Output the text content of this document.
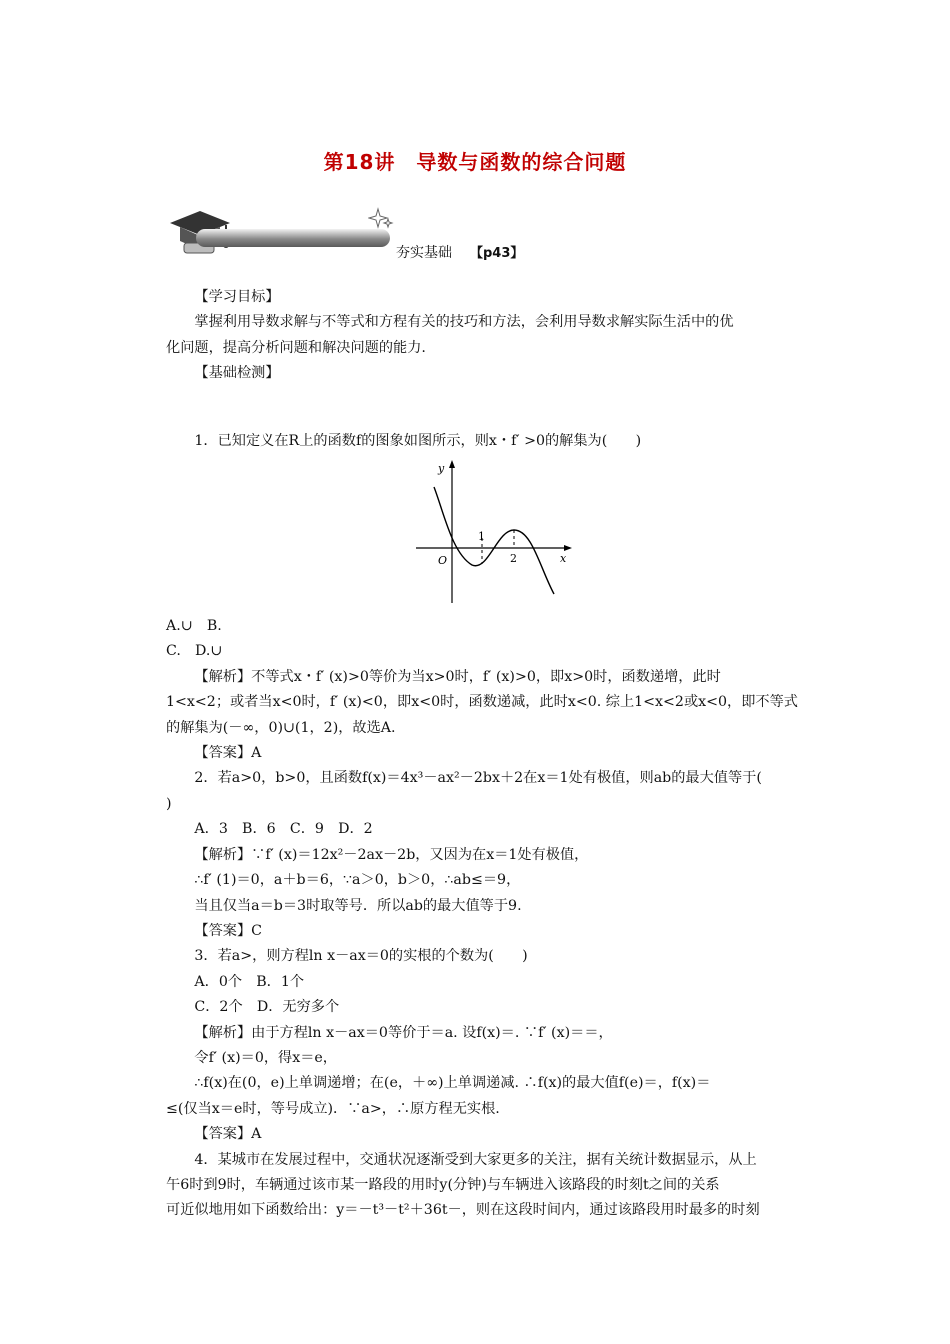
第18讲　导数与函数的综合问题
夯实基础 【p43】

【学习目标】

掌握利用导数求解与不等式和方程有关的技巧和方法，会利用导数求解实际生活中的优

化问题，提高分析问题和解决问题的能力.

【基础检测】

1．已知定义在R上的函数f的图象如图所示，则x・f′ >0的解集为(　　)

y
x
O
1
2

A.∪　B.

C.　D.∪

【解析】不等式x・f′ (x)>0等价为当x>0时，f′ (x)>0，即x>0时，函数递增，此时

1<x<2；或者当x<0时，f′ (x)<0，即x<0时，函数递减，此时x<0. 综上1<x<2或x<0，即不等式

的解集为(－∞，0)∪(1，2)，故选A.

【答案】A

2．若a>0，b>0，且函数f(x)＝4x³－ax²－2bx＋2在x＝1处有极值，则ab的最大值等于(

)

A．3　B．6　C．9　D．2

【解析】∵f′ (x)＝12x²－2ax－2b，又因为在x＝1处有极值，

∴f′ (1)＝0，a＋b＝6，∵a＞0，b＞0，∴ab≤＝9，

当且仅当a＝b＝3时取等号．所以ab的最大值等于9.

【答案】C

3．若a>，则方程ln x－ax＝0的实根的个数为(　　)

A．0个　B．1个

C．2个　D．无穷多个

【解析】由于方程ln x－ax＝0等价于＝a. 设f(x)＝. ∵f′ (x)＝＝，

令f′ (x)＝0，得x＝e，

∴f(x)在(0，e)上单调递增；在(e，＋∞)上单调递减. ∴f(x)的最大值f(e)＝，f(x)＝

≤(仅当x＝e时，等号成立)．∵a>，∴原方程无实根.

【答案】A

4．某城市在发展过程中，交通状况逐渐受到大家更多的关注，据有关统计数据显示，从上

午6时到9时，车辆通过该市某一路段的用时y(分钟)与车辆进入该路段的时刻t之间的关系

可近似地用如下函数给出：y＝－t³－t²＋36t－，则在这段时间内，通过该路段用时最多的时刻
